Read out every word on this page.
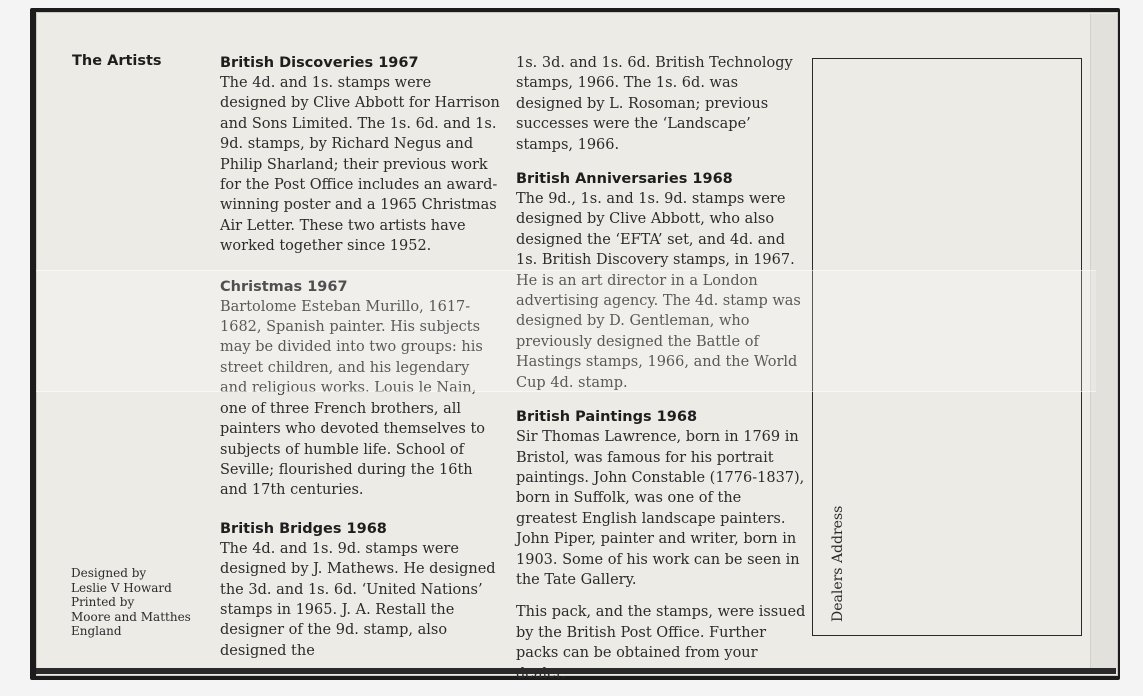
The Artists	British Discoveries 1967

The 4d. and 1s. stamps were designed by Clive Abbott for Harrison and Sons Limited. The 1s. 6d. and 1s. 9d. stamps, by Richard Negus and Philip Sharland; their previous work for the Post Office includes an award-winning poster and a 1965 Christmas Air Letter. These two artists have worked together since 1952.

Christmas 1967

Bartolome Esteban Murillo, 1617-1682, Spanish painter. His subjects may be divided into two groups: his street children, and his legendary and religious works. Louis le Nain, one of three French brothers, all painters who devoted themselves to subjects of humble life. School of Seville; flourished during the 16th and 17th centuries.

British Bridges 1968

The 4d. and 1s. 9d. stamps were designed by J. Mathews. He designed the 3d. and 1s. 6d. ‘United Nations’ stamps in 1965. J. A. Restall the designer of the 9d. stamp, also designed the

1s. 3d. and 1s. 6d. British Technology stamps, 1966. The 1s. 6d. was designed by L. Rosoman; previous successes were the ‘Landscape’ stamps, 1966.

British Anniversaries 1968

The 9d., 1s. and 1s. 9d. stamps were designed by Clive Abbott, who also designed the ‘EFTA’ set, and 4d. and 1s. British Discovery stamps, in 1967. He is an art director in a London advertising agency. The 4d. stamp was designed by D. Gentleman, who previously designed the Battle of Hastings stamps, 1966, and the World Cup 4d. stamp.

British Paintings 1968

Sir Thomas Lawrence, born in 1769 in Bristol, was famous for his portrait paintings. John Constable (1776-1837), born in Suffolk, was one of the greatest English landscape painters. John Piper, painter and writer, born in 1903. Some of his work can be seen in the Tate Gallery.

This pack, and the stamps, were issued by the British Post Office. Further packs can be obtained from your dealer.

Designed by
Leslie V Howard
Printed by
Moore and Matthes
England
Dealers Address
